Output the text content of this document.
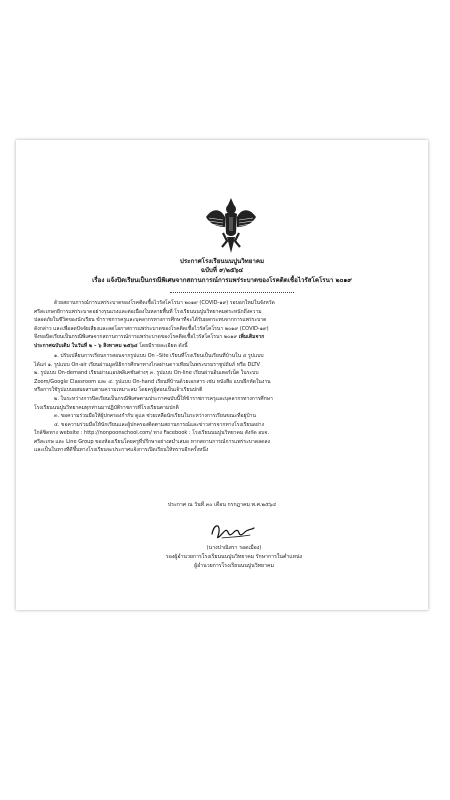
ประกาศโรงเรียนนนปูนวิทยาคม
ฉบับที่ ๙/๒๕๖๔
เรื่อง แจ้งปิดเรียนเป็นกรณีพิเศษจากสถานการณ์การแพร่ระบาดของโรคติดเชื้อไวรัสโคโรนา ๒๐๑๙

ด้วยสถานการณ์การแพร่ระบาดของโรคติดเชื้อไวรัสโคโรนา ๒๐๑๙ (COVID-๑๙) รอบอกใหม่ในจังหวัด

ศรีสะเกษกยีการแพร่ระบาดอย่างรุนแรงและต่อเนื่องในหลายพื้นที่ โรงเรียนนนปูนวิทยาคมตระหนักถึงความ

ปลอดภัยในชีวิตของนักเรียน ข้าราชการครูและบุคลากรทางการศึกษาที่จะได้รับผลกระทบจากการแพร่ระบาด

ดังกล่าว และเพื่อลดปัจจัยเสี่ยงและลดโอกาสการแพร่ระบาดของโรคติดเชื้อไวรัสโคโรนา ๒๐๑๙ (COVID-๑๙)

จึงขอปิดเรียนเป็นกรณีพิเศษจากสถานการณ์การแพร่ระบาดของโรคติดเชื้อไวรัสโคโรนา ๒๐๑๙ เพิ่มเติมจาก

ประกาศฉบับเดิม ในวันที่ ๒ – ๖ สิงหาคม ๒๕๖๔ โดยมีรายละเอียด ดังนี้

๑. ปรับเปลี่ยนการเรียนการสอนจากรูปแบบ On –Site เรียนที่โรงเรียนเป็นเรียนที่บ้านใน ๔ รูปแบบ

ได้แก่ ๑. รูปแบบ On-air เรียนผ่านมูลนิธิการศึกษาทางไกลผ่านดาวเทียมในพระบรมราชูปถัมภ์ หรือ DLTV

๒. รูปแบบ On-demand เรียนผ่านแอปพลิเคชันต่างๆ ๓. รูปแบบ On-line เรียนผ่านอินเตอร์เน็ต ในระบบ

Zoom/Google Classroom และ ๔. รูปแบบ On-hand เรียนที่บ้านด้วยเอกสาร เช่น หนังสือ แบบฝึกหัดในงาน

หรือการใช้รูปแบบผสมผสานตามความเหมาะสม โดยครูผู้สอนเป็นเจ้าเรียนปกติ

๒. ในระหว่างการปิดเรียนเป็นกรณีพิเศษตามประกาศฉบับนี้ให้ข้าราชการครูและบุคลากรทางการศึกษา

โรงเรียนนนปูนวิทยาคมทุกท่านมาปฏิบัติราชการที่โรงเรียนตามปกติ

๓. ขอความร่วมมือให้ผู้ปกครองกำกับ ดูแล ช่วยเหลือนักเรียนในระหว่างการเรียนขณะที่อยู่บ้าน

๔. ขอความร่วมมือให้นักเรียนและผู้ปกครองติดตามสถานการณ์และข่าวสารจากทางโรงเรียนอย่าง

ใกล้ชิดทาง website : http://nonpoonschool.com/ ทาง Facebook : โรงเรียนนนปูนวิทยาคม สังกัด อบจ.

ศรีสะเกษ และ Line Group ของห้องเรียนโดยครูที่ปรึกษาอย่างสม่ำเสมอ หากสถานการณ์การแพร่ระบาดลดลง

และเป็นในทางที่ดีขึ้นทางโรงเรียนจะประกาศแจ้งการเปิดเรียนให้ทราบอีกครั้งหนึ่ง

ประกาศ ณ วันที่ ๓๐ เดือน กรกฎาคม พ.ศ.๒๕๖๔
(นางปาณิสรา รอดเมือง)
รองผู้อำนวยการโรงเรียนนนปูนวิทยาคม รักษาการในตำแหน่ง
ผู้อำนวยการโรงเรียนนนปูนวิทยาคม
